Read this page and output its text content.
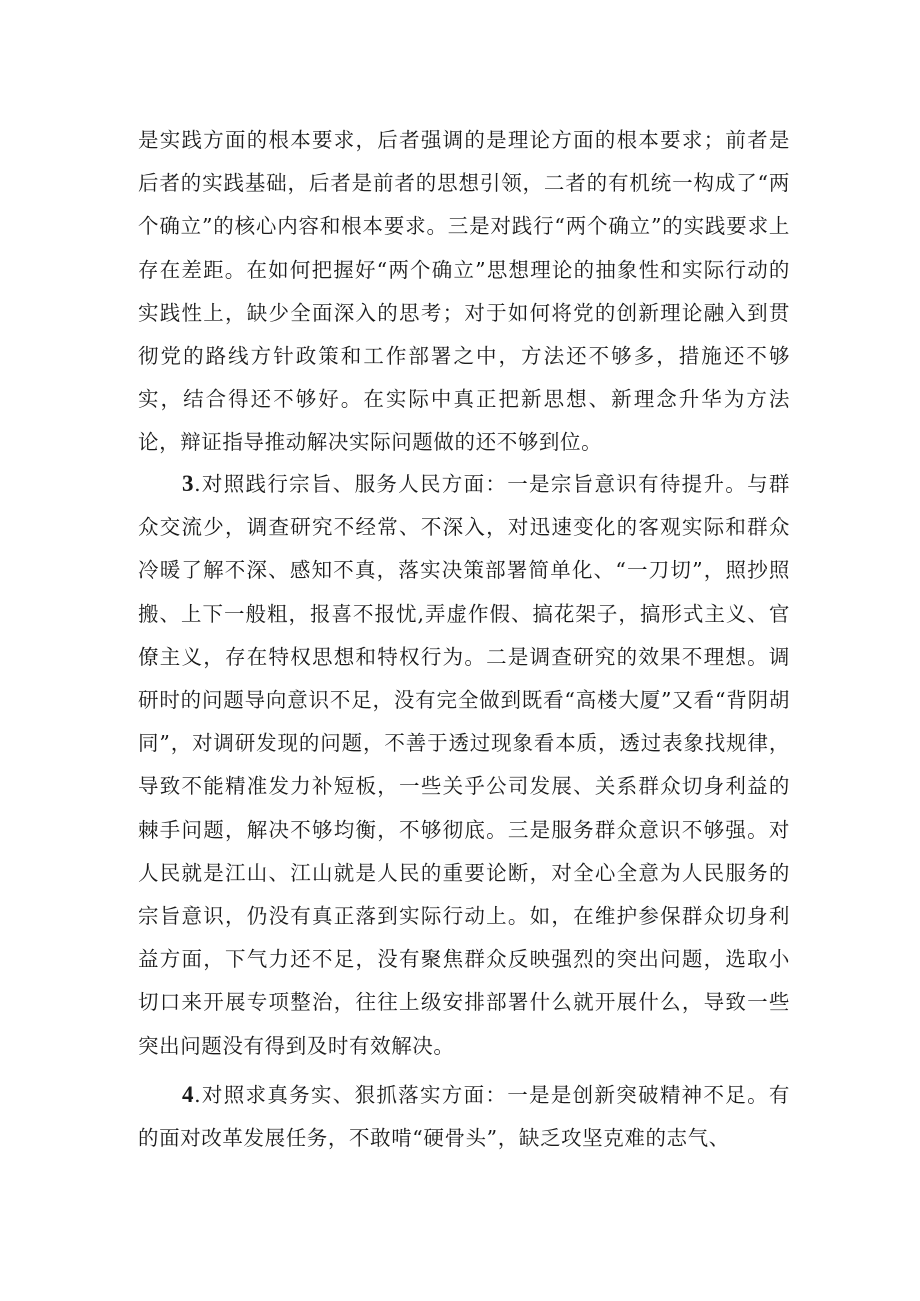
是实践方面的根本要求，后者强调的是理论方面的根本要求；前者是后者的实践基础，后者是前者的思想引领，二者的有机统一构成了“两个确立”的核心内容和根本要求。三是对践行“两个确立”的实践要求上存在差距。在如何把握好“两个确立”思想理论的抽象性和实际行动的实践性上，缺少全面深入的思考；对于如何将党的创新理论融入到贯彻党的路线方针政策和工作部署之中，方法还不够多，措施还不够实，结合得还不够好。在实际中真正把新思想、新理念升华为方法论，辩证指导推动解决实际问题做的还不够到位。

3.对照践行宗旨、服务人民方面：一是宗旨意识有待提升。与群众交流少，调查研究不经常、不深入，对迅速变化的客观实际和群众冷暖了解不深、感知不真，落实决策部署简单化、“一刀切”，照抄照搬、上下一般粗，报喜不报忧,弄虚作假、搞花架子，搞形式主义、官僚主义，存在特权思想和特权行为。二是调查研究的效果不理想。调研时的问题导向意识不足，没有完全做到既看“高楼大厦”又看“背阴胡同”，对调研发现的问题，不善于透过现象看本质，透过表象找规律，导致不能精准发力补短板，一些关乎公司发展、关系群众切身利益的棘手问题，解决不够均衡，不够彻底。三是服务群众意识不够强。对人民就是江山、江山就是人民的重要论断，对全心全意为人民服务的宗旨意识，仍没有真正落到实际行动上。如，在维护参保群众切身利益方面，下气力还不足，没有聚焦群众反映强烈的突出问题，选取小切口来开展专项整治，往往上级安排部署什么就开展什么，导致一些突出问题没有得到及时有效解决。

4.对照求真务实、狠抓落实方面：一是是创新突破精神不足。有的面对改革发展任务，不敢啃“硬骨头”，缺乏攻坚克难的志气、
